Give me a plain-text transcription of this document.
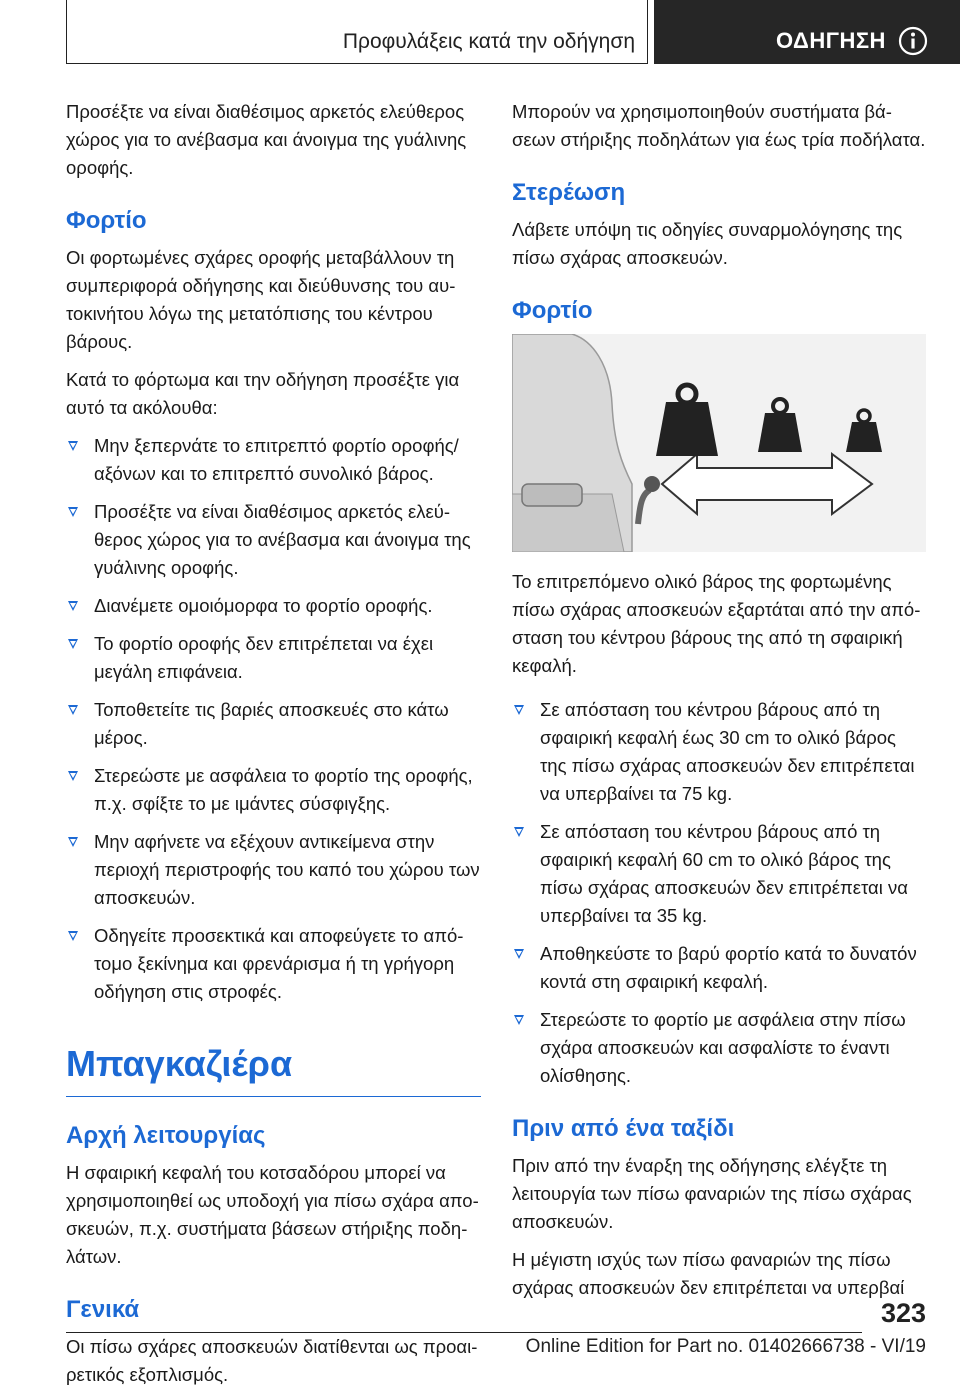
Προφυλάξεις κατά την οδήγηση	ΟΔΗΓΗΣΗ

Προσέξτε να είναι διαθέσιμος αρκετός ελεύθερος χώρος για το ανέβασμα και άνοιγμα της γυάλινης οροφής.

Φορτίο

Οι φορτωμένες σχάρες οροφής μεταβάλλουν τη συμπεριφορά οδήγησης και διεύθυνσης του αυτοκινήτου λόγω της μετατόπισης του κέντρου βάρους.

Κατά το φόρτωμα και την οδήγηση προσέξτε για αυτό τα ακόλουθα:

Μην ξεπερνάτε το επιτρεπτό φορτίο οροφής/ αξόνων και το επιτρεπτό συνολικό βάρος.
Προσέξτε να είναι διαθέσιμος αρκετός ελεύθερος χώρος για το ανέβασμα και άνοιγμα της γυάλινης οροφής.
Διανέμετε ομοιόμορφα το φορτίο οροφής.
Το φορτίο οροφής δεν επιτρέπεται να έχει μεγάλη επιφάνεια.
Τοποθετείτε τις βαριές αποσκευές στο κάτω μέρος.
Στερεώστε με ασφάλεια το φορτίο της οροφής, π.χ. σφίξτε το με ιμάντες σύσφιγξης.
Μην αφήνετε να εξέχουν αντικείμενα στην περιοχή περιστροφής του καπό του χώρου των αποσκευών.
Οδηγείτε προσεκτικά και αποφεύγετε το απότομο ξεκίνημα και φρενάρισμα ή τη γρήγορη οδήγηση στις στροφές.
Μπαγκαζιέρα
Αρχή λειτουργίας

Η σφαιρική κεφαλή του κοτσαδόρου μπορεί να χρησιμοποιηθεί ως υποδοχή για πίσω σχάρα αποσκευών, π.χ. συστήματα βάσεων στήριξης ποδηλάτων.

Γενικά

Οι πίσω σχάρες αποσκευών διατίθενται ως προαιρετικός εξοπλισμός.

Μπορούν να χρησιμοποιηθούν συστήματα βάσεων στήριξης ποδηλάτων για έως τρία ποδήλατα.

Στερέωση

Λάβετε υπόψη τις οδηγίες συναρμολόγησης της πίσω σχάρας αποσκευών.

Φορτίο

Το επιτρεπόμενο ολικό βάρος της φορτωμένης πίσω σχάρας αποσκευών εξαρτάται από την απόσταση του κέντρου βάρους της από τη σφαιρική κεφαλή.

Σε απόσταση του κέντρου βάρους από τη σφαιρική κεφαλή έως 30 cm το ολικό βάρος της πίσω σχάρας αποσκευών δεν επιτρέπεται να υπερβαίνει τα 75 kg.
Σε απόσταση του κέντρου βάρους από τη σφαιρική κεφαλή 60 cm το ολικό βάρος της πίσω σχάρας αποσκευών δεν επιτρέπεται να υπερβαίνει τα 35 kg.
Αποθηκεύστε το βαρύ φορτίο κατά το δυνατόν κοντά στη σφαιρική κεφαλή.
Στερεώστε το φορτίο με ασφάλεια στην πίσω σχάρα αποσκευών και ασφαλίστε το έναντι ολίσθησης.
Πριν από ένα ταξίδι

Πριν από την έναρξη της οδήγησης ελέγξτε τη λειτουργία των πίσω φαναριών της πίσω σχάρας αποσκευών.

Η μέγιστη ισχύς των πίσω φαναριών της πίσω σχάρας αποσκευών δεν επιτρέπεται να υπερβαί

323
Online Edition for Part no. 01402666738 - VI/19
